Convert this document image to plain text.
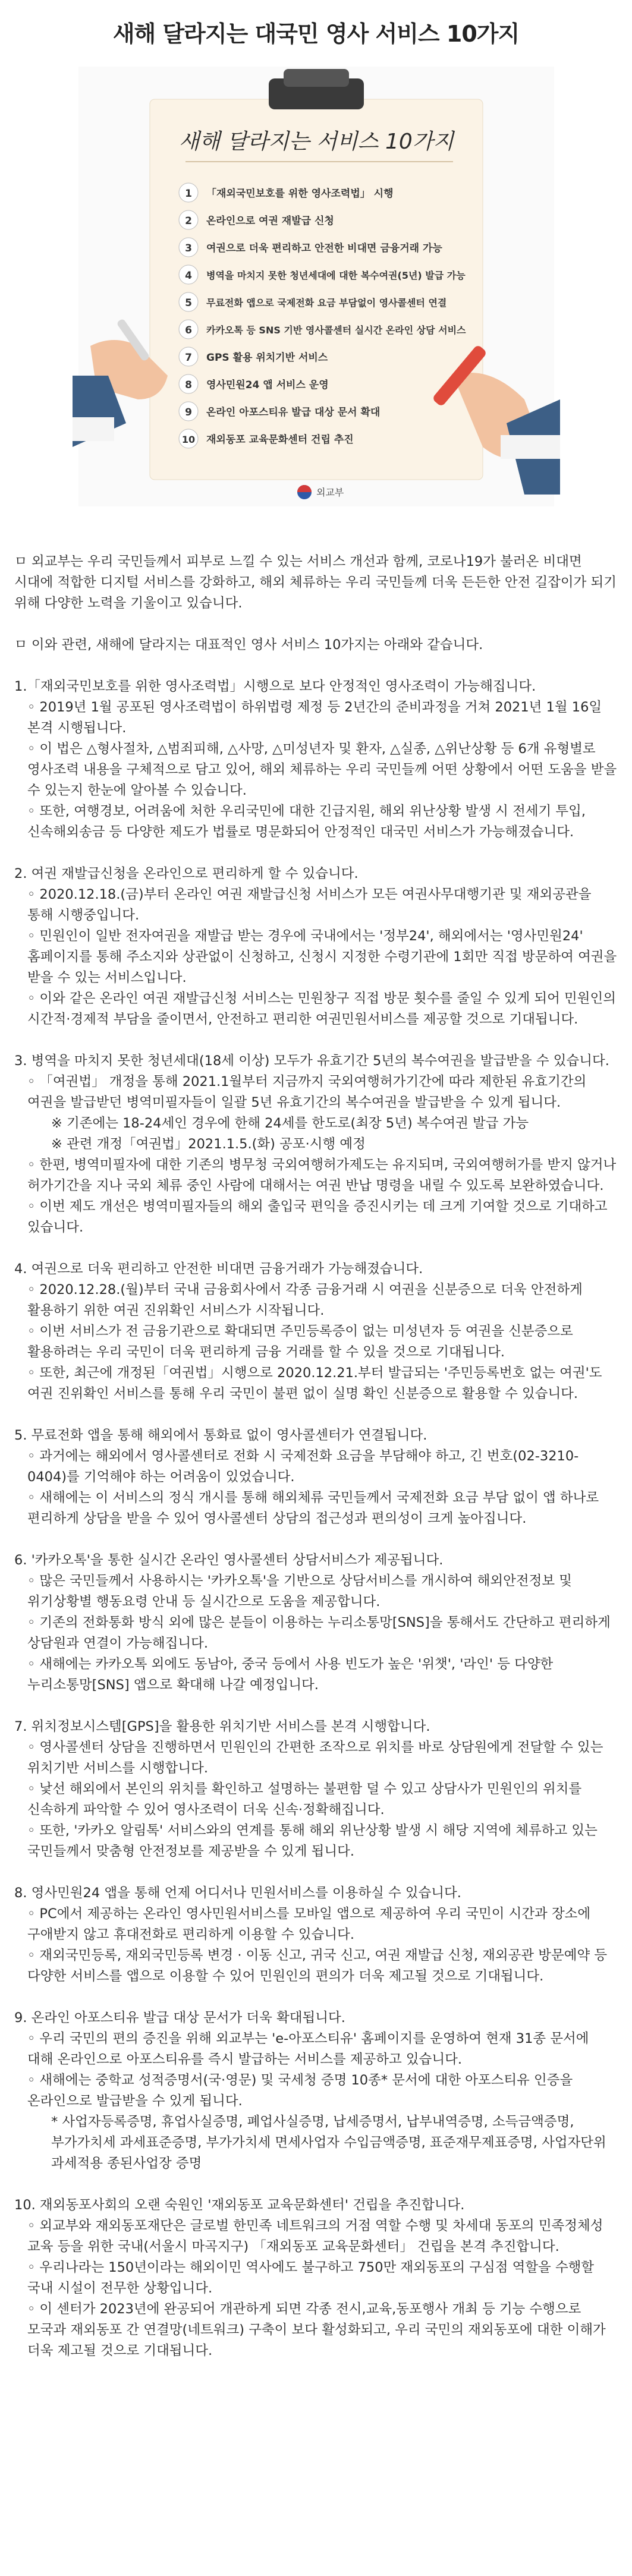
새해 달라지는 대국민 영사 서비스 10가지
새해 달라지는 서비스 10가지
1 「재외국민보호를 위한 영사조력법」 시행
2 온라인으로 여권 재발급 신청
3 여권으로 더욱 편리하고 안전한 비대면 금융거래 가능
4 병역을 마치지 못한 청년세대에 대한 복수여권(5년) 발급 가능
5 무료전화 앱으로 국제전화 요금 부담없이 영사콜센터 연결
6 카카오톡 등 SNS 기반 영사콜센터 실시간 온라인 상담 서비스
7 GPS 활용 위치기반 서비스
8 영사민원24 앱 서비스 운영
9 온라인 아포스티유 발급 대상 문서 확대
10 재외동포 교육문화센터 건립 추진
외교부

ㅁ 외교부는 우리 국민들께서 피부로 느낄 수 있는 서비스 개선과 함께, 코로나19가 불러온 비대면 시대에 적합한 디지털 서비스를 강화하고, 해외 체류하는 우리 국민들께 더욱 든든한 안전 길잡이가 되기 위해 다양한 노력을 기울이고 있습니다.

ㅁ 이와 관련, 새해에 달라지는 대표적인 영사 서비스 10가지는 아래와 같습니다.

1.「재외국민보호를 위한 영사조력법」시행으로 보다 안정적인 영사조력이 가능해집니다.

◦ 2019년 1월 공포된 영사조력법이 하위법령 제정 등 2년간의 준비과정을 거쳐 2021년 1월 16일 본격 시행됩니다.

◦ 이 법은 △형사절차, △범죄피해, △사망, △미성년자 및 환자, △실종, △위난상황 등 6개 유형별로 영사조력 내용을 구체적으로 담고 있어, 해외 체류하는 우리 국민들께 어떤 상황에서 어떤 도움을 받을 수 있는지 한눈에 알아볼 수 있습니다.

◦ 또한, 여행경보, 어려움에 처한 우리국민에 대한 긴급지원, 해외 위난상황 발생 시 전세기 투입, 신속해외송금 등 다양한 제도가 법률로 명문화되어 안정적인 대국민 서비스가 가능해졌습니다.

2. 여권 재발급신청을 온라인으로 편리하게 할 수 있습니다.

◦ 2020.12.18.(금)부터 온라인 여권 재발급신청 서비스가 모든 여권사무대행기관 및 재외공관을 통해 시행중입니다.

◦ 민원인이 일반 전자여권을 재발급 받는 경우에 국내에서는 '정부24', 해외에서는 '영사민원24' 홈페이지를 통해 주소지와 상관없이 신청하고, 신청시 지정한 수령기관에 1회만 직접 방문하여 여권을 받을 수 있는 서비스입니다.

◦ 이와 같은 온라인 여권 재발급신청 서비스는 민원창구 직접 방문 횟수를 줄일 수 있게 되어 민원인의 시간적·경제적 부담을 줄이면서, 안전하고 편리한 여권민원서비스를 제공할 것으로 기대됩니다.

3. 병역을 마치지 못한 청년세대(18세 이상) 모두가 유효기간 5년의 복수여권을 발급받을 수 있습니다.

◦ 「여권법」 개정을 통해 2021.1월부터 지금까지 국외여행허가기간에 따라 제한된 유효기간의 여권을 발급받던 병역미필자들이 일괄 5년 유효기간의 복수여권을 발급받을 수 있게 됩니다.

※ 기존에는 18-24세인 경우에 한해 24세를 한도로(최장 5년) 복수여권 발급 가능

※ 관련 개정「여권법」2021.1.5.(화) 공포·시행 예정

◦ 한편, 병역미필자에 대한 기존의 병무청 국외여행허가제도는 유지되며, 국외여행허가를 받지 않거나 허가기간을 지나 국외 체류 중인 사람에 대해서는 여권 반납 명령을 내릴 수 있도록 보완하였습니다.

◦ 이번 제도 개선은 병역미필자들의 해외 출입국 편익을 증진시키는 데 크게 기여할 것으로 기대하고 있습니다.

4. 여권으로 더욱 편리하고 안전한 비대면 금융거래가 가능해졌습니다.

◦ 2020.12.28.(월)부터 국내 금융회사에서 각종 금융거래 시 여권을 신분증으로 더욱 안전하게 활용하기 위한 여권 진위확인 서비스가 시작됩니다.

◦ 이번 서비스가 전 금융기관으로 확대되면 주민등록증이 없는 미성년자 등 여권을 신분증으로 활용하려는 우리 국민이 더욱 편리하게 금융 거래를 할 수 있을 것으로 기대됩니다.

◦ 또한, 최근에 개정된「여권법」시행으로 2020.12.21.부터 발급되는 '주민등록번호 없는 여권'도 여권 진위확인 서비스를 통해 우리 국민이 불편 없이 실명 확인 신분증으로 활용할 수 있습니다.

5. 무료전화 앱을 통해 해외에서 통화료 없이 영사콜센터가 연결됩니다.

◦ 과거에는 해외에서 영사콜센터로 전화 시 국제전화 요금을 부담해야 하고, 긴 번호(02-3210-0404)를 기억해야 하는 어려움이 있었습니다.

◦ 새해에는 이 서비스의 정식 개시를 통해 해외체류 국민들께서 국제전화 요금 부담 없이 앱 하나로 편리하게 상담을 받을 수 있어 영사콜센터 상담의 접근성과 편의성이 크게 높아집니다.

6. '카카오톡'을 통한 실시간 온라인 영사콜센터 상담서비스가 제공됩니다.

◦ 많은 국민들께서 사용하시는 '카카오톡'을 기반으로 상담서비스를 개시하여 해외안전정보 및 위기상황별 행동요령 안내 등 실시간으로 도움을 제공합니다.

◦ 기존의 전화통화 방식 외에 많은 분들이 이용하는 누리소통망[SNS]을 통해서도 간단하고 편리하게 상담원과 연결이 가능해집니다.

◦ 새해에는 카카오톡 외에도 동남아, 중국 등에서 사용 빈도가 높은 '위챗', '라인' 등 다양한 누리소통망[SNS] 앱으로 확대해 나갈 예정입니다.

7. 위치정보시스템[GPS]을 활용한 위치기반 서비스를 본격 시행합니다.

◦ 영사콜센터 상담을 진행하면서 민원인의 간편한 조작으로 위치를 바로 상담원에게 전달할 수 있는 위치기반 서비스를 시행합니다.

◦ 낯선 해외에서 본인의 위치를 확인하고 설명하는 불편함 덜 수 있고 상담사가 민원인의 위치를 신속하게 파악할 수 있어 영사조력이 더욱 신속·정확해집니다.

◦ 또한, '카카오 알림톡' 서비스와의 연계를 통해 해외 위난상황 발생 시 해당 지역에 체류하고 있는 국민들께서 맞춤형 안전정보를 제공받을 수 있게 됩니다.

8. 영사민원24 앱을 통해 언제 어디서나 민원서비스를 이용하실 수 있습니다.

◦ PC에서 제공하는 온라인 영사민원서비스를 모바일 앱으로 제공하여 우리 국민이 시간과 장소에 구애받지 않고 휴대전화로 편리하게 이용할 수 있습니다.

◦ 재외국민등록, 재외국민등록 변경 · 이동 신고, 귀국 신고, 여권 재발급 신청, 재외공관 방문예약 등 다양한 서비스를 앱으로 이용할 수 있어 민원인의 편의가 더욱 제고될 것으로 기대됩니다.

9. 온라인 아포스티유 발급 대상 문서가 더욱 확대됩니다.

◦ 우리 국민의 편의 증진을 위해 외교부는 'e-아포스티유' 홈페이지를 운영하여 현재 31종 문서에 대해 온라인으로 아포스티유를 즉시 발급하는 서비스를 제공하고 있습니다.

◦ 새해에는 중학교 성적증명서(국·영문) 및 국세청 증명 10종* 문서에 대한 아포스티유 인증을 온라인으로 발급받을 수 있게 됩니다.

* 사업자등록증명, 휴업사실증명, 폐업사실증명, 납세증명서, 납부내역증명, 소득금액증명, 부가가치세 과세표준증명, 부가가치세 면세사업자 수입금액증명, 표준재무제표증명, 사업자단위 과세적용 종된사업장 증명

10. 재외동포사회의 오랜 숙원인 '재외동포 교육문화센터' 건립을 추진합니다.

◦ 외교부와 재외동포재단은 글로벌 한민족 네트워크의 거점 역할 수행 및 차세대 동포의 민족정체성 교육 등을 위한 국내(서울시 마곡지구) 「재외동포 교육문화센터」 건립을 본격 추진합니다.

◦ 우리나라는 150년이라는 해외이민 역사에도 불구하고 750만 재외동포의 구심점 역할을 수행할 국내 시설이 전무한 상황입니다.

◦ 이 센터가 2023년에 완공되어 개관하게 되면 각종 전시,교육,동포행사 개최 등 기능 수행으로 모국과 재외동포 간 연결망(네트워크) 구축이 보다 활성화되고, 우리 국민의 재외동포에 대한 이해가 더욱 제고될 것으로 기대됩니다.
